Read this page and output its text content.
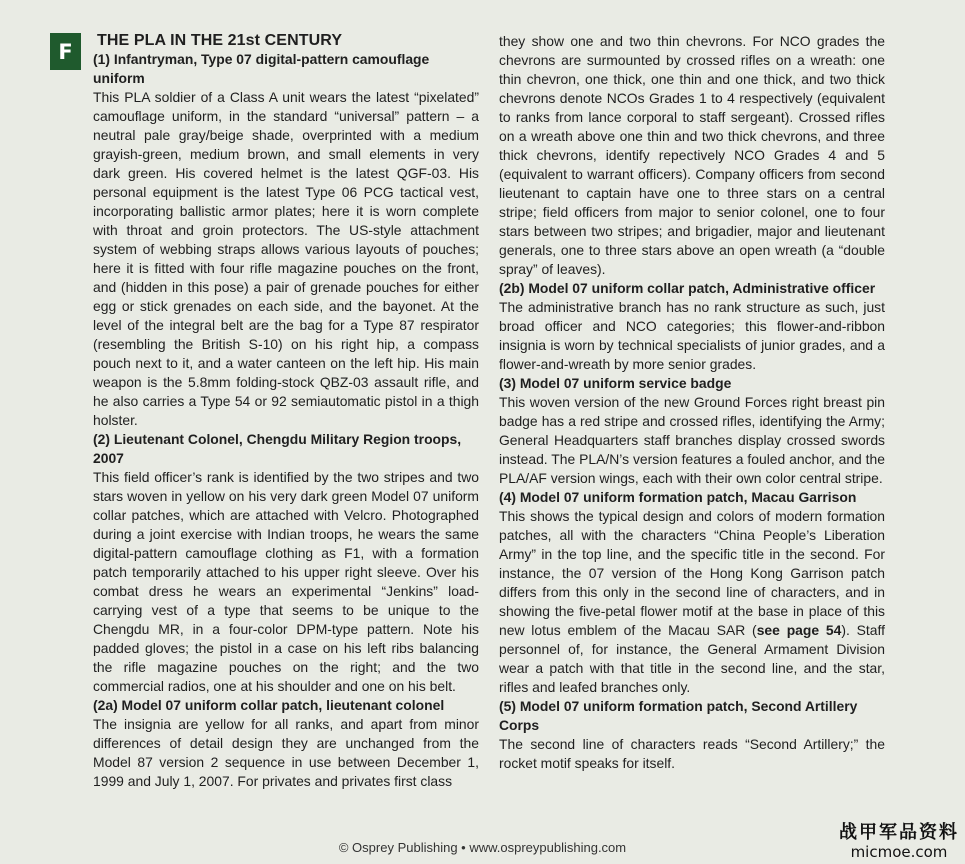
F	THE PLA IN THE 21st CENTURY

(1) Infantryman, Type 07 digital-pattern camouflage uniform

This PLA soldier of a Class A unit wears the latest “pixelated” camouflage uniform, in the standard “universal” pattern – a neutral pale gray/beige shade, overprinted with a medium grayish-green, medium brown, and small elements in very dark green. His covered helmet is the latest QGF-03. His personal equipment is the latest Type 06 PCG tactical vest, incorporating ballistic armor plates; here it is worn complete with throat and groin protectors. The US-style attachment system of webbing straps allows various layouts of pouches; here it is fitted with four rifle magazine pouches on the front, and (hidden in this pose) a pair of grenade pouches for either egg or stick grenades on each side, and the bayonet. At the level of the integral belt are the bag for a Type 87 respirator (resembling the British S-10) on his right hip, a compass pouch next to it, and a water canteen on the left hip. His main weapon is the 5.8mm folding-stock QBZ-03 assault rifle, and he also carries a Type 54 or 92 semiautomatic pistol in a thigh holster.

(2) Lieutenant Colonel, Chengdu Military Region troops, 2007

This field officer’s rank is identified by the two stripes and two stars woven in yellow on his very dark green Model 07 uniform collar patches, which are attached with Velcro. Photographed during a joint exercise with Indian troops, he wears the same digital-pattern camouflage clothing as F1, with a formation patch temporarily attached to his upper right sleeve. Over his combat dress he wears an experimental “Jenkins” load-carrying vest of a type that seems to be unique to the Chengdu MR, in a four-color DPM-type pattern. Note his padded gloves; the pistol in a case on his left ribs balancing the rifle magazine pouches on the right; and the two commercial radios, one at his shoulder and one on his belt.

(2a) Model 07 uniform collar patch, lieutenant colonel

The insignia are yellow for all ranks, and apart from minor differences of detail design they are unchanged from the Model 87 version 2 sequence in use between December 1, 1999 and July 1, 2007. For privates and privates first class

they show one and two thin chevrons. For NCO grades the chevrons are surmounted by crossed rifles on a wreath: one thin chevron, one thick, one thin and one thick, and two thick chevrons denote NCOs Grades 1 to 4 respectively (equivalent to ranks from lance corporal to staff sergeant). Crossed rifles on a wreath above one thin and two thick chevrons, and three thick chevrons, identify repectively NCO Grades 4 and 5 (equivalent to warrant officers). Company officers from second lieutenant to captain have one to three stars on a central stripe; field officers from major to senior colonel, one to four stars between two stripes; and brigadier, major and lieutenant generals, one to three stars above an open wreath (a “double spray” of leaves).

(2b) Model 07 uniform collar patch, Administrative officer

The administrative branch has no rank structure as such, just broad officer and NCO categories; this flower-and-ribbon insignia is worn by technical specialists of junior grades, and a flower-and-wreath by more senior grades.

(3) Model 07 uniform service badge

This woven version of the new Ground Forces right breast pin badge has a red stripe and crossed rifles, identifying the Army; General Headquarters staff branches display crossed swords instead. The PLA/N’s version features a fouled anchor, and the PLA/AF version wings, each with their own color central stripe.

(4) Model 07 uniform formation patch, Macau Garrison

This shows the typical design and colors of modern formation patches, all with the characters “China People’s Liberation Army” in the top line, and the specific title in the second. For instance, the 07 version of the Hong Kong Garrison patch differs from this only in the second line of characters, and in showing the five-petal flower motif at the base in place of this new lotus emblem of the Macau SAR (see page 54). Staff personnel of, for instance, the General Armament Division wear a patch with that title in the second line, and the star, rifles and leafed branches only.

(5) Model 07 uniform formation patch, Second Artillery Corps

The second line of characters reads “Second Artillery;” the rocket motif speaks for itself.

© Osprey Publishing • www.ospreypublishing.com
战甲军品资料
micmoe.com
